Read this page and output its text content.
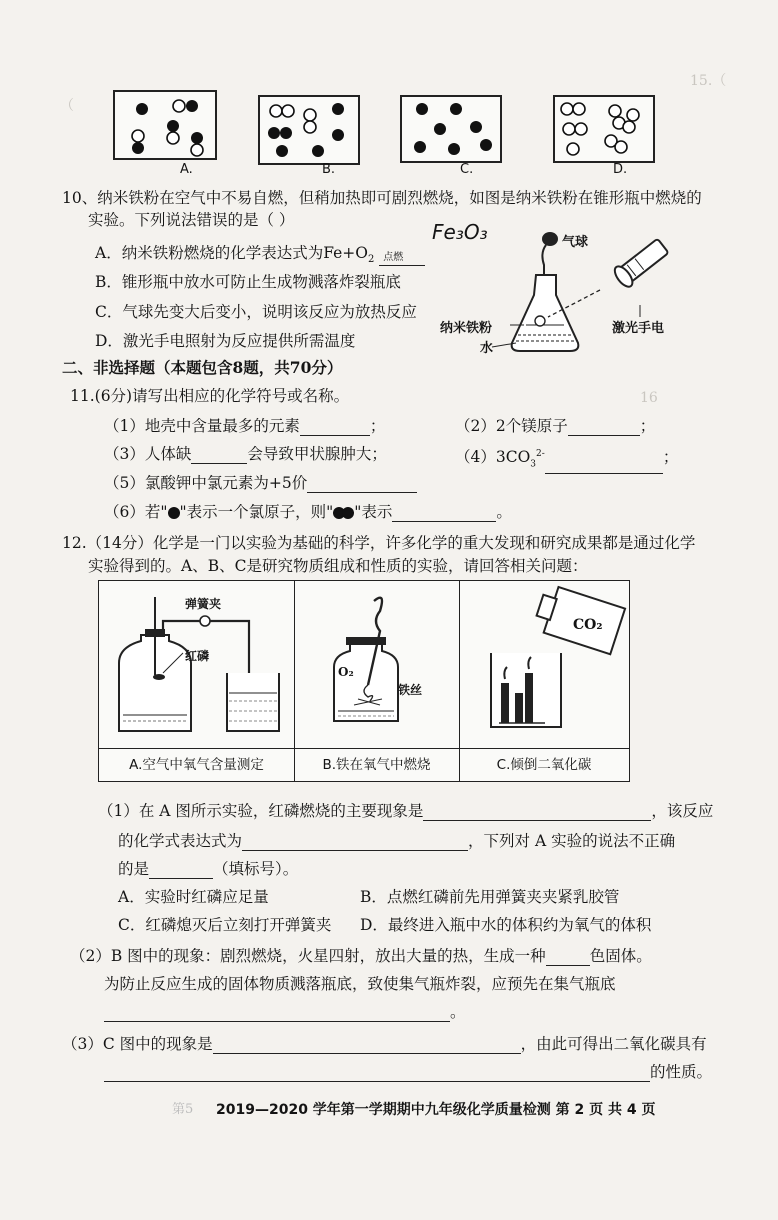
15.（
（
16
A.	B.	C.	D.
10、纳米铁粉在空气中不易自燃，但稍加热即可剧烈燃烧，如图是纳米铁粉在锥形瓶中燃烧的
实验。下列说法错误的是（ ）
A．纳米铁粉燃烧的化学表达式为$Fe+O_2$ 点燃
Fe₃O₃
B．锥形瓶中放水可防止生成物溅落炸裂瓶底
C．气球先变大后变小，说明该反应为放热反应
D．激光手电照射为反应提供所需温度
气球
纳米铁粉
水
激光手电
二、非选择题（本题包含8题，共70分）
11.(6分)请写出相应的化学符号或名称。
（1）地壳中含量最多的元素	；	（2）2个镁原子	；
（3）人体缺	会导致甲状腺肿大；	$(4)3CO_3^{2-}$	；
（5）氯酸钾中氯元素为+5价
（6）若" "表示一个氯原子，则" "表示	。
12.（14分）化学是一门以实验为基础的科学，许多化学的重大发现和研究成果都是通过化学
实验得到的。A、B、C是研究物质组成和性质的实验，请回答相关问题：
弹簧夹
红磷
A.空气中氧气含量测定
O₂
铁丝
B.铁在氧气中燃烧
CO₂
C.倾倒二氧化碳
（1）在 A 图所示实验，红磷燃烧的主要现象是	，该反应
的化学式表达式为	，下列对 A 实验的说法不正确
的是	（填标号）。
A．实验时红磷应足量	B．点燃红磷前先用弹簧夹夹紧乳胶管
C．红磷熄灭后立刻打开弹簧夹 D．最终进入瓶中水的体积约为氧气的体积
（2）B 图中的现象：剧烈燃烧，火星四射，放出大量的热，生成一种	色固体。
为防止反应生成的固体物质溅落瓶底，致使集气瓶炸裂，应预先在集气瓶底
。
（3）C 图中的现象是	，由此可得出二氧化碳具有
的性质。
第5 2019—2020 学年第一学期期中九年级化学质量检测 第 2 页 共 4 页
